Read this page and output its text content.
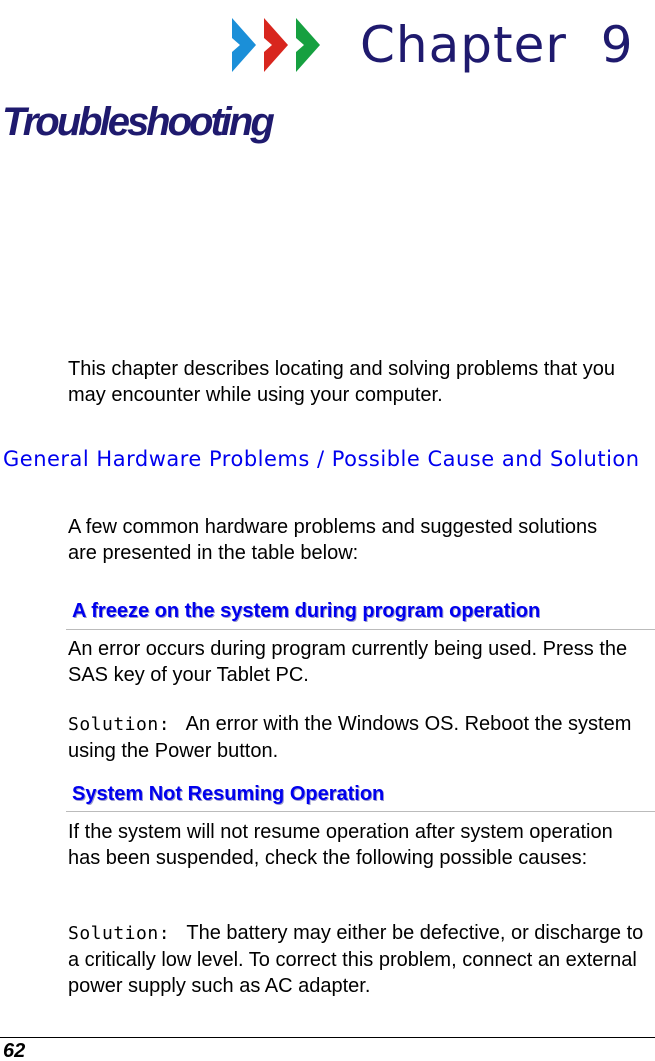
Chapter 9
Troubleshooting
This chapter describes locating and solving problems that you may encounter while using your computer.
General Hardware Problems / Possible Cause and Solution
A few common hardware problems and suggested solutions are presented in the table below:
A freeze on the system during program operation
An error occurs during program currently being used. Press the SAS key of your Tablet PC.
Solution: An error with the Windows OS. Reboot the system using the Power button.
System Not Resuming Operation
If the system will not resume operation after system operation has been suspended, check the following possible causes:
Solution: The battery may either be defective, or discharge to a critically low level. To correct this problem, connect an external power supply such as AC adapter.
62
